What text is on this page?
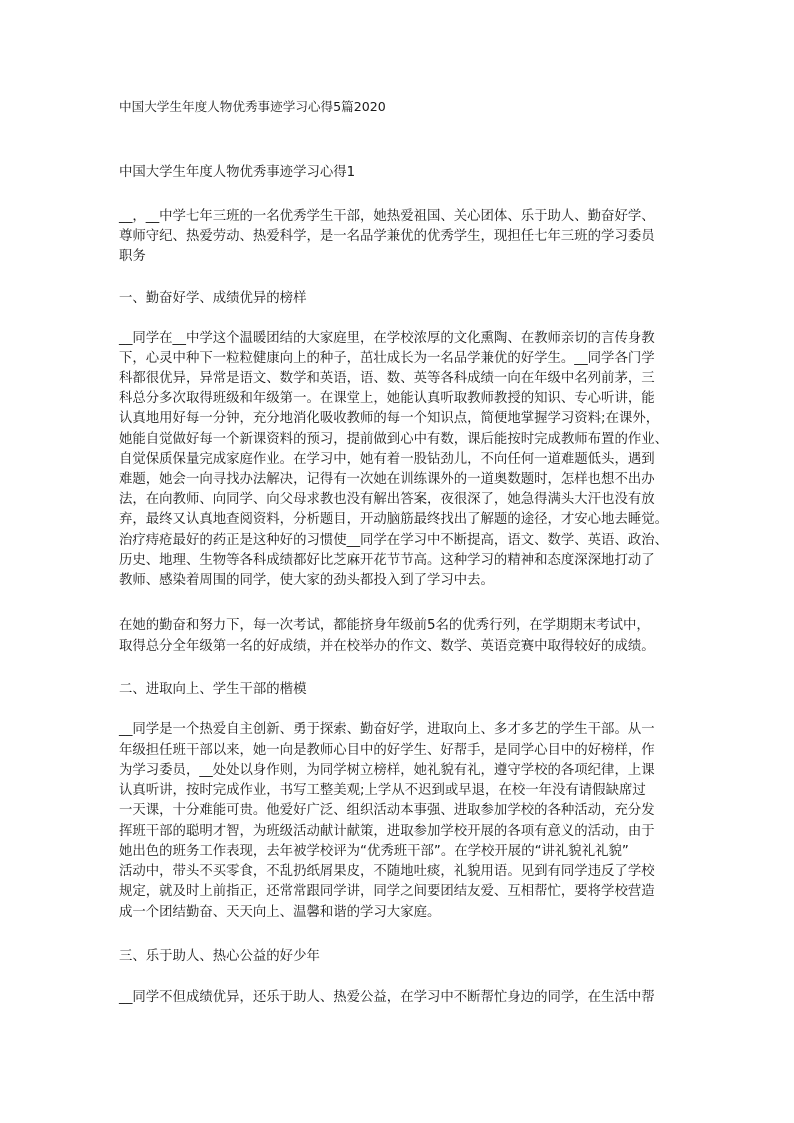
中国大学生年度人物优秀事迹学习心得5篇2020
中国大学生年度人物优秀事迹学习心得1
__，__中学七年三班的一名优秀学生干部，她热爱祖国、关心团体、乐于助人、勤奋好学、
尊师守纪、热爱劳动、热爱科学，是一名品学兼优的优秀学生，现担任七年三班的学习委员
职务
一、勤奋好学、成绩优异的榜样
__同学在__中学这个温暖团结的大家庭里，在学校浓厚的文化熏陶、在教师亲切的言传身教
下，心灵中种下一粒粒健康向上的种子，茁壮成长为一名品学兼优的好学生。__同学各门学
科都很优异，异常是语文、数学和英语，语、数、英等各科成绩一向在年级中名列前茅，三
科总分多次取得班级和年级第一。在课堂上，她能认真听取教师教授的知识、专心听讲，能
认真地用好每一分钟，充分地消化吸收教师的每一个知识点，简便地掌握学习资料;在课外，
她能自觉做好每一个新课资料的预习，提前做到心中有数，课后能按时完成教师布置的作业、
自觉保质保量完成家庭作业。在学习中，她有着一股钻劲儿，不向任何一道难题低头，遇到
难题，她会一向寻找办法解决，记得有一次她在训练课外的一道奥数题时，怎样也想不出办
法，在向教师、向同学、向父母求教也没有解出答案，夜很深了，她急得满头大汗也没有放
弃，最终又认真地查阅资料，分析题目，开动脑筋最终找出了解题的途径，才安心地去睡觉。
治疗痔疮最好的药正是这种好的习惯使__同学在学习中不断提高，语文、数学、英语、政治、
历史、地理、生物等各科成绩都好比芝麻开花节节高。这种学习的精神和态度深深地打动了
教师、感染着周围的同学，使大家的劲头都投入到了学习中去。
在她的勤奋和努力下，每一次考试，都能挤身年级前5名的优秀行列，在学期期末考试中，
取得总分全年级第一名的好成绩，并在校举办的作文、数学、英语竞赛中取得较好的成绩。
二、进取向上、学生干部的楷模
__同学是一个热爱自主创新、勇于探索、勤奋好学，进取向上、多才多艺的学生干部。从一
年级担任班干部以来，她一向是教师心目中的好学生、好帮手，是同学心目中的好榜样，作
为学习委员，__处处以身作则，为同学树立榜样，她礼貌有礼，遵守学校的各项纪律，上课
认真听讲，按时完成作业，书写工整美观;上学从不迟到或早退，在校一年没有请假缺席过
一天课，十分难能可贵。他爱好广泛、组织活动本事强、进取参加学校的各种活动，充分发
挥班干部的聪明才智，为班级活动献计献策，进取参加学校开展的各项有意义的活动，由于
她出色的班务工作表现，去年被学校评为“优秀班干部”。在学校开展的“讲礼貌礼礼貌”
活动中，带头不买零食，不乱扔纸屑果皮，不随地吐痰，礼貌用语。见到有同学违反了学校
规定，就及时上前指正，还常常跟同学讲，同学之间要团结友爱、互相帮忙，要将学校营造
成一个团结勤奋、天天向上、温馨和谐的学习大家庭。
三、乐于助人、热心公益的好少年
__同学不但成绩优异，还乐于助人、热爱公益，在学习中不断帮忙身边的同学，在生活中帮
